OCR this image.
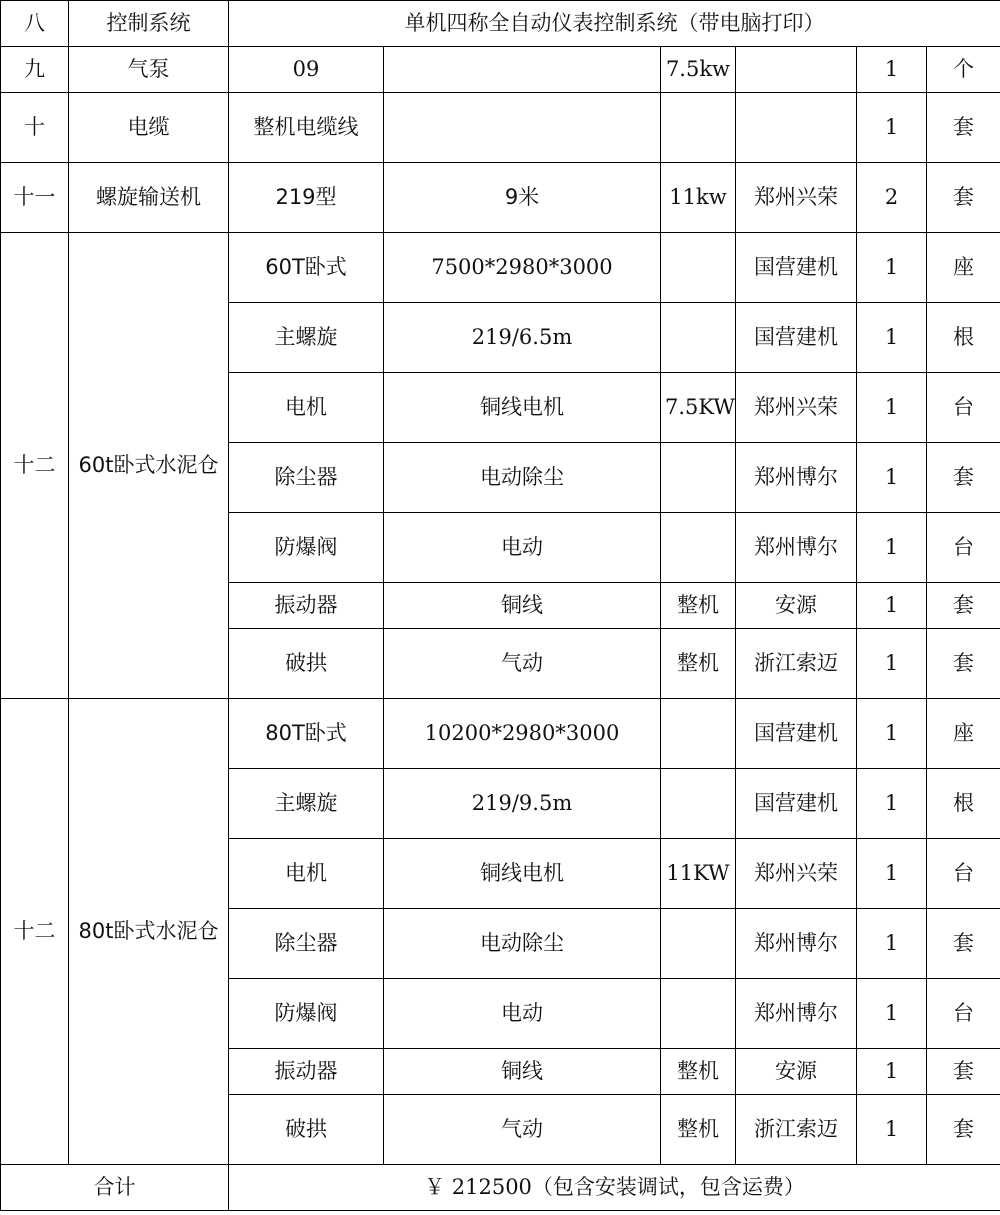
八	控制系统	单机四称全自动仪表控制系统（带电脑打印）					
九	气泵	09		7.5kw		1	个
十	电缆	整机电缆线				1	套
十一	螺旋输送机	219型	9米	11kw	郑州兴荣	2	套
十二	60t卧式水泥仓	60T卧式	7500*2980*3000		国营建机	1	座
		主螺旋	219/6.5m		国营建机	1	根
		电机	铜线电机	7.5KW	郑州兴荣	1	台
		除尘器	电动除尘		郑州博尔	1	套
		防爆阀	电动		郑州博尔	1	台
		振动器	铜线	整机	安源	1	套
		破拱	气动	整机	浙江索迈	1	套
十二	80t卧式水泥仓	80T卧式	10200*2980*3000		国营建机	1	座
		主螺旋	219/9.5m		国营建机	1	根
		电机	铜线电机	11KW	郑州兴荣	1	台
		除尘器	电动除尘		郑州博尔	1	套
		防爆阀	电动		郑州博尔	1	台
		振动器	铜线	整机	安源	1	套
		破拱	气动	整机	浙江索迈	1	套
合计		￥ 212500（包含安装调试，包含运费）					
